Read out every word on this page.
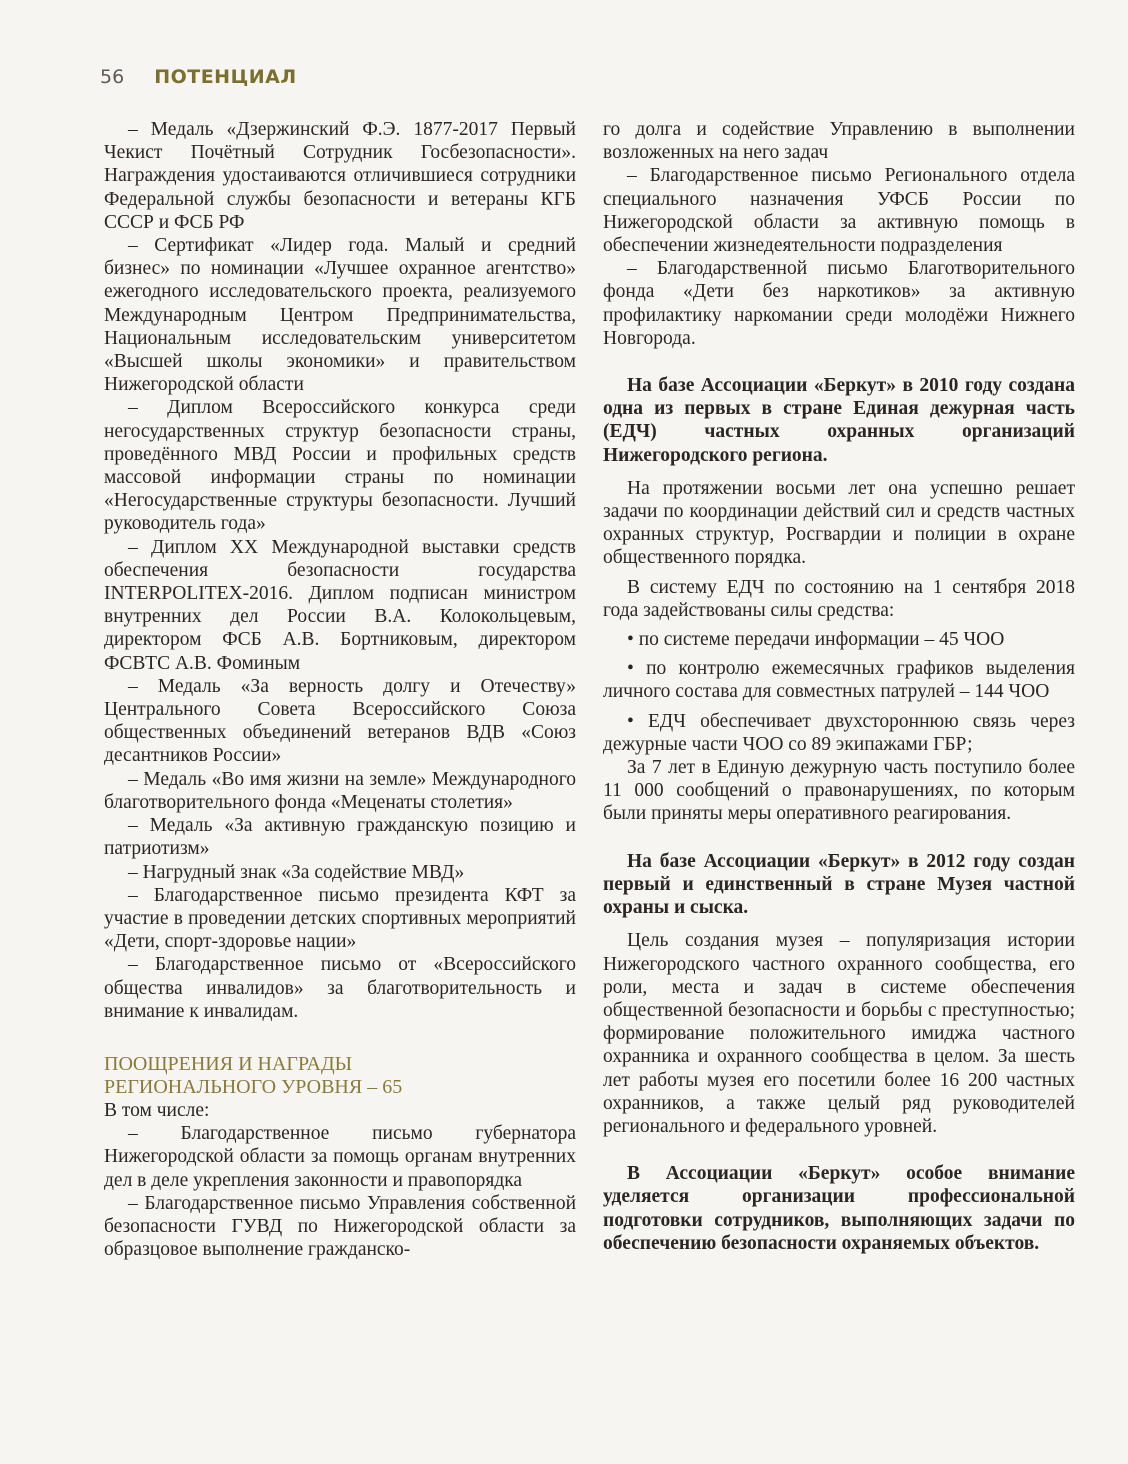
56 ПОТЕНЦИАЛ

– Медаль «Дзержинский Ф.Э. 1877-2017 Первый Чекист Почётный Сотрудник Госбезопасности». Награждения удостаиваются отличившиеся сотрудники Федеральной службы безопасности и ветераны КГБ СССР и ФСБ РФ

– Сертификат «Лидер года. Малый и средний бизнес» по номинации «Лучшее охранное агентство» ежегодного исследовательского проекта, реализуемого Международным Центром Предпринимательства, Национальным исследовательским университетом «Высшей школы экономики» и правительством Нижегородской области

– Диплом Всероссийского конкурса среди негосударственных структур безопасности страны, проведённого МВД России и профильных средств массовой информации страны по номинации «Негосударственные структуры безопасности. Лучший руководитель года»

– Диплом XX Международной выставки средств обеспечения безопасности государства INTERPOLITEX-2016. Диплом подписан министром внутренних дел России В.А. Колокольцевым, директором ФСБ А.В. Бортниковым, директором ФСВТС А.В. Фоминым

– Медаль «За верность долгу и Отечеству» Центрального Совета Всероссийского Союза общественных объединений ветеранов ВДВ «Союз десантников России»

– Медаль «Во имя жизни на земле» Международного благотворительного фонда «Меценаты столетия»

– Медаль «За активную гражданскую позицию и патриотизм»

– Нагрудный знак «За содействие МВД»

– Благодарственное письмо президента КФТ за участие в проведении детских спортивных мероприятий «Дети, спорт-здоровье нации»

– Благодарственное письмо от «Всероссийского общества инвалидов» за благотворительность и внимание к инвалидам.

ПООЩРЕНИЯ И НАГРАДЫ
РЕГИОНАЛЬНОГО УРОВНЯ – 65

В том числе:

– Благодарственное письмо губернатора Нижегородской области за помощь органам внутренних дел в деле укрепления законности и правопорядка

– Благодарственное письмо Управления собственной безопасности ГУВД по Нижегородской области за образцовое выполнение гражданско-

го долга и содействие Управлению в выполнении возложенных на него задач

– Благодарственное письмо Регионального отдела специального назначения УФСБ России по Нижегородской области за активную помощь в обеспечении жизнедеятельности подразделения

– Благодарственной письмо Благотворительного фонда «Дети без наркотиков» за активную профилактику наркомании среди молодёжи Нижнего Новгорода.

На базе Ассоциации «Беркут» в 2010 году создана одна из первых в стране Единая дежурная часть (ЕДЧ) частных охранных организаций Нижегородского региона.

На протяжении восьми лет она успешно решает задачи по координации действий сил и средств частных охранных структур, Росгвардии и полиции в охране общественного порядка.

В систему ЕДЧ по состоянию на 1 сентября 2018 года задействованы силы средства:

• по системе передачи информации – 45 ЧОО

• по контролю ежемесячных графиков выделения личного состава для совместных патрулей – 144 ЧОО

• ЕДЧ обеспечивает двухстороннюю связь через дежурные части ЧОО со 89 экипажами ГБР;

За 7 лет в Единую дежурную часть поступило более 11 000 сообщений о правонарушениях, по которым были приняты меры оперативного реагирования.

На базе Ассоциации «Беркут» в 2012 году создан первый и единственный в стране Музея частной охраны и сыска.

Цель создания музея – популяризация истории Нижегородского частного охранного сообщества, его роли, места и задач в системе обеспечения общественной безопасности и борьбы с преступностью; формирование положительного имиджа частного охранника и охранного сообщества в целом. За шесть лет работы музея его посетили более 16 200 частных охранников, а также целый ряд руководителей регионального и федерального уровней.

В Ассоциации «Беркут» особое внимание уделяется организации профессиональной подготовки сотрудников, выполняющих задачи по обеспечению безопасности охраняемых объектов.
